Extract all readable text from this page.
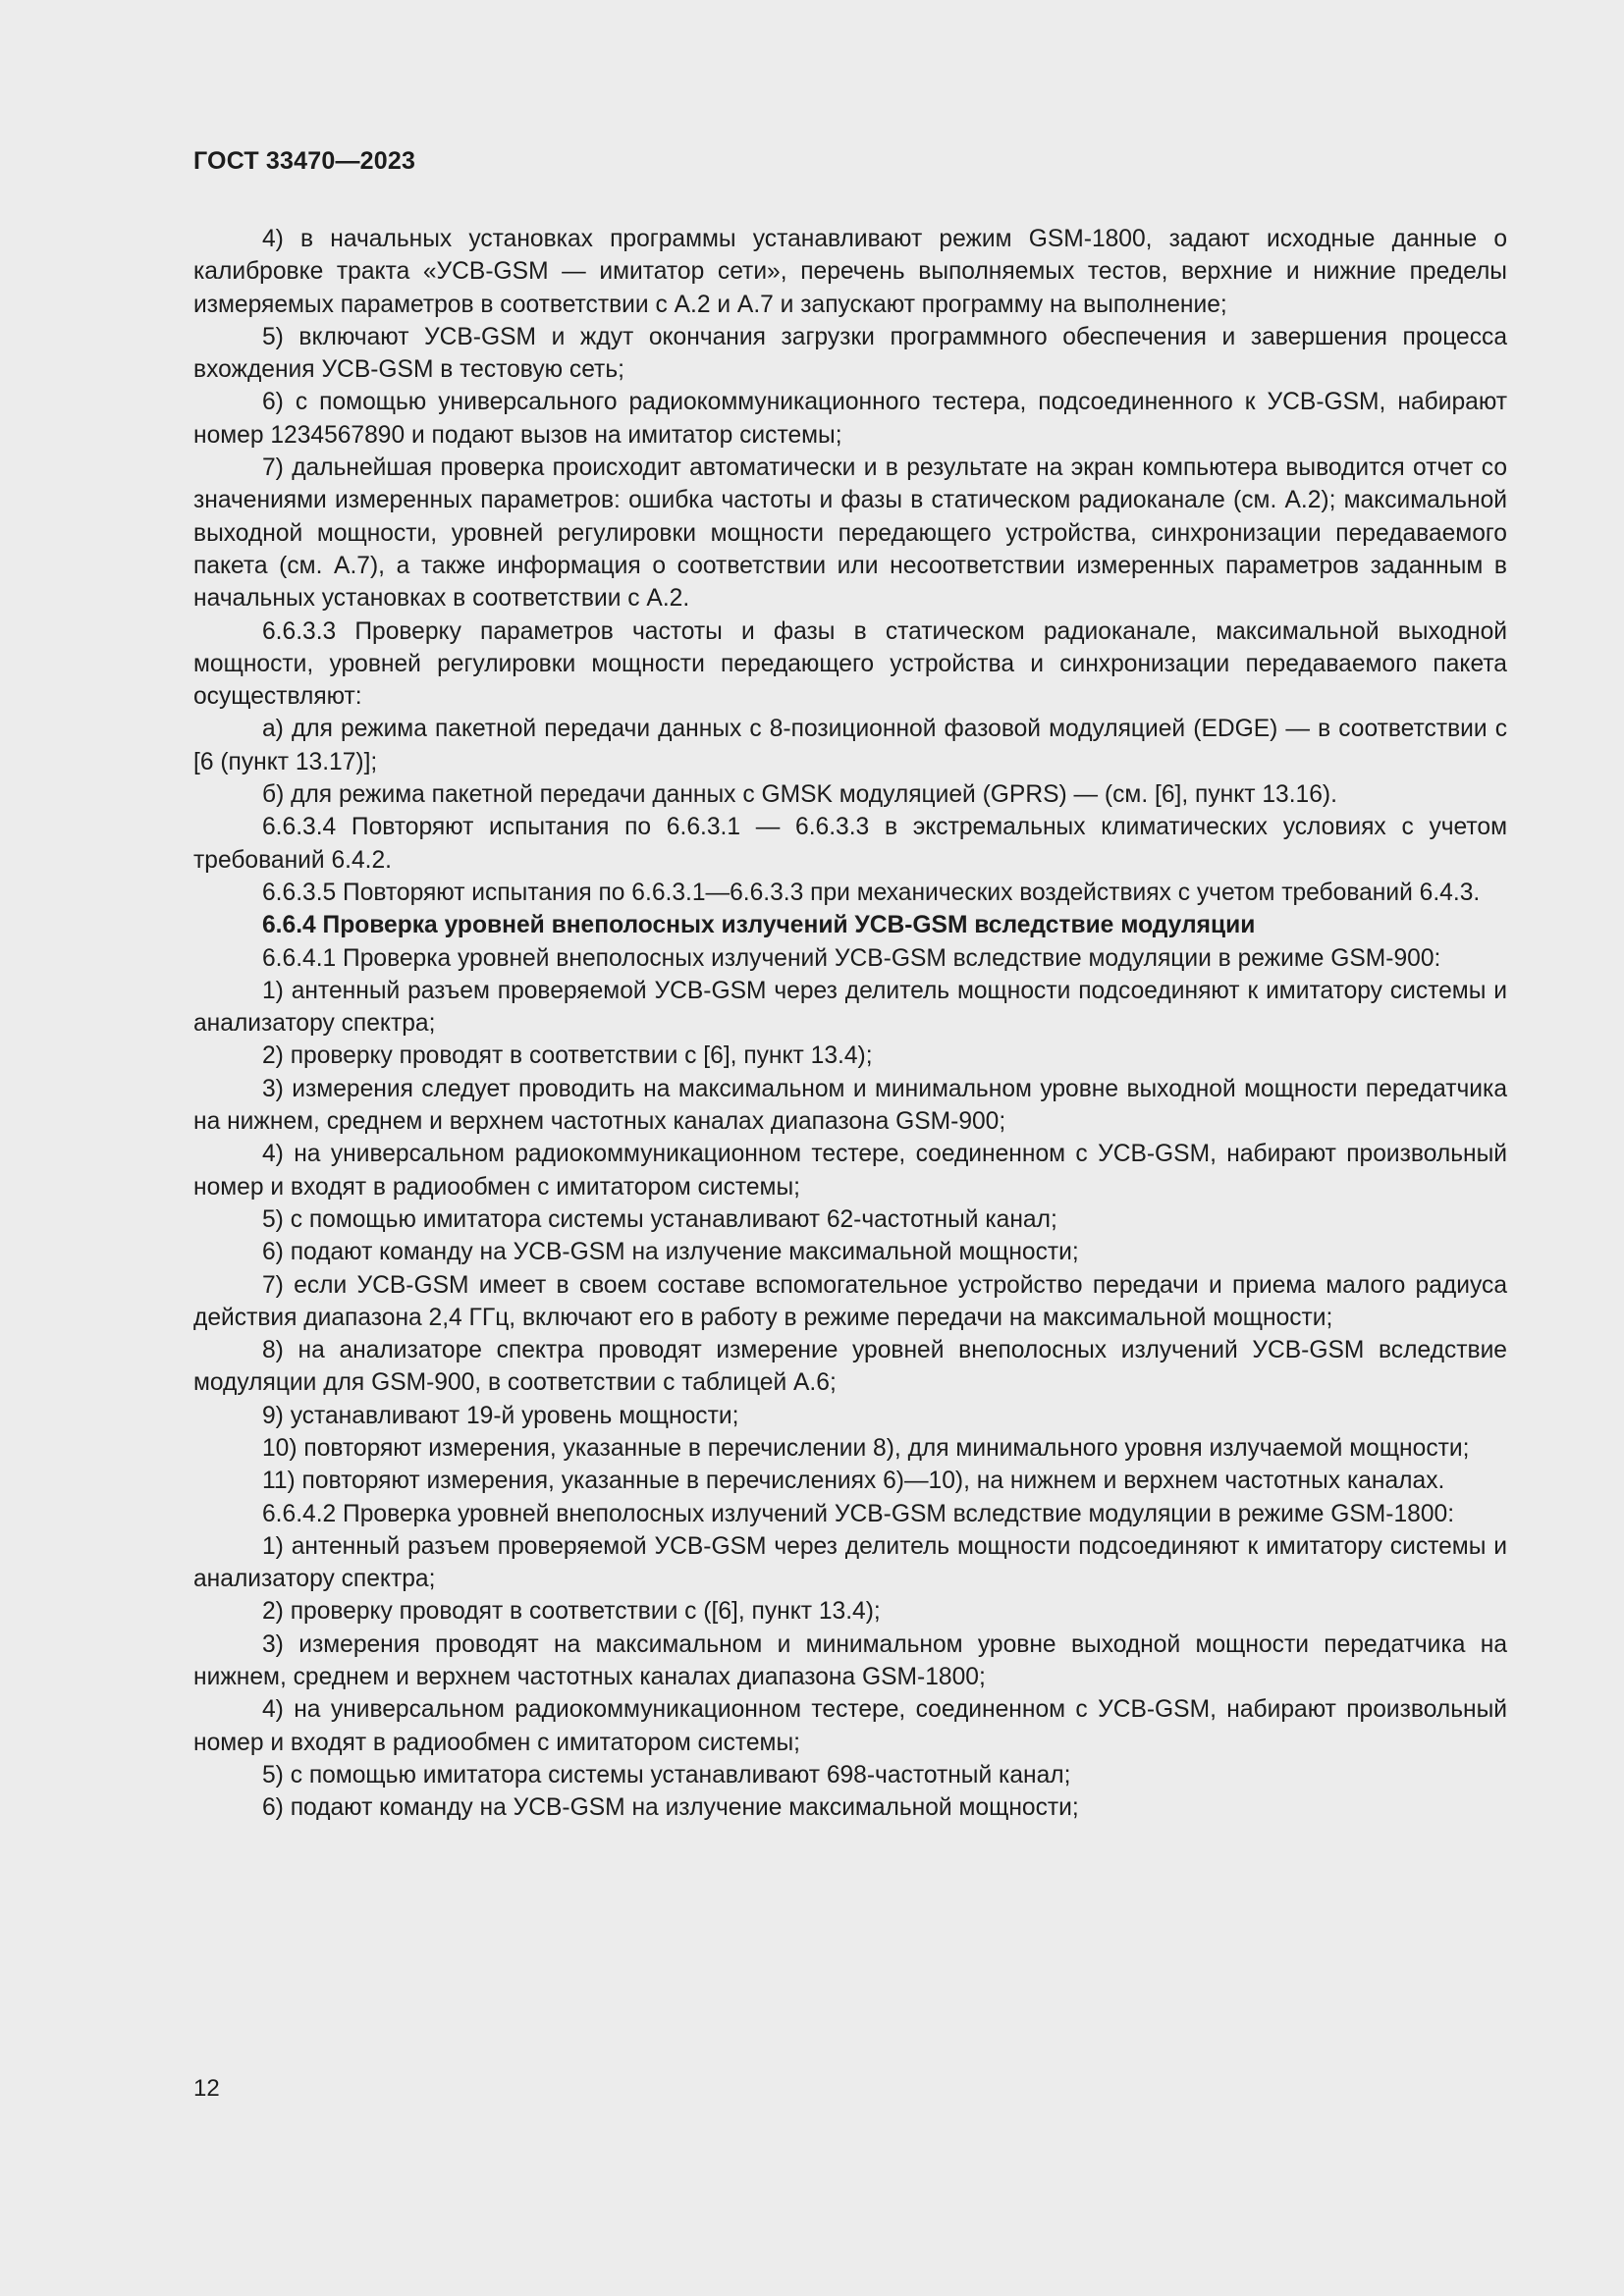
ГОСТ 33470—2023

4) в начальных установках программы устанавливают режим GSM-1800, задают исходные данные о калибровке тракта «УСВ-GSM — имитатор сети», перечень выполняемых тестов, верхние и нижние пределы измеряемых параметров в соответствии с А.2 и А.7 и запускают программу на выполнение;

5) включают УСВ-GSM и ждут окончания загрузки программного обеспечения и завершения процесса вхождения УСВ-GSM в тестовую сеть;

6) с помощью универсального радиокоммуникационного тестера, подсоединенного к УСВ-GSM, набирают номер 1234567890 и подают вызов на имитатор системы;

7) дальнейшая проверка происходит автоматически и в результате на экран компьютера выводится отчет со значениями измеренных параметров: ошибка частоты и фазы в статическом радиоканале (см. А.2); максимальной выходной мощности, уровней регулировки мощности передающего устройства, синхронизации передаваемого пакета (см. А.7), а также информация о соответствии или несоответствии измеренных параметров заданным в начальных установках в соответствии с А.2.

6.6.3.3 Проверку параметров частоты и фазы в статическом радиоканале, максимальной выходной мощности, уровней регулировки мощности передающего устройства и синхронизации передаваемого пакета осуществляют:

а) для режима пакетной передачи данных с 8-позиционной фазовой модуляцией (EDGE) — в соответствии с [6 (пункт 13.17)];

б) для режима пакетной передачи данных с GMSK модуляцией (GPRS) — (см. [6], пункт 13.16).

6.6.3.4 Повторяют испытания по 6.6.3.1 — 6.6.3.3 в экстремальных климатических условиях с учетом требований 6.4.2.

6.6.3.5 Повторяют испытания по 6.6.3.1—6.6.3.3 при механических воздействиях с учетом требований 6.4.3.

6.6.4 Проверка уровней внеполосных излучений УСВ-GSM вследствие модуляции

6.6.4.1 Проверка уровней внеполосных излучений УСВ-GSM вследствие модуляции в режиме GSM-900:

1) антенный разъем проверяемой УСВ-GSM через делитель мощности подсоединяют к имитатору системы и анализатору спектра;

2) проверку проводят в соответствии с [6], пункт 13.4);

3) измерения следует проводить на максимальном и минимальном уровне выходной мощности передатчика на нижнем, среднем и верхнем частотных каналах диапазона GSM-900;

4) на универсальном радиокоммуникационном тестере, соединенном с УСВ-GSM, набирают произвольный номер и входят в радиообмен с имитатором системы;

5) с помощью имитатора системы устанавливают 62-частотный канал;

6) подают команду на УСВ-GSM на излучение максимальной мощности;

7) если УСВ-GSM имеет в своем составе вспомогательное устройство передачи и приема малого радиуса действия диапазона 2,4 ГГц, включают его в работу в режиме передачи на максимальной мощности;

8) на анализаторе спектра проводят измерение уровней внеполосных излучений УСВ-GSM вследствие модуляции для GSM-900, в соответствии с таблицей А.6;

9) устанавливают 19-й уровень мощности;

10) повторяют измерения, указанные в перечислении 8), для минимального уровня излучаемой мощности;

11) повторяют измерения, указанные в перечислениях 6)—10), на нижнем и верхнем частотных каналах.

6.6.4.2 Проверка уровней внеполосных излучений УСВ-GSM вследствие модуляции в режиме GSM-1800:

1) антенный разъем проверяемой УСВ-GSM через делитель мощности подсоединяют к имитатору системы и анализатору спектра;

2) проверку проводят в соответствии с ([6], пункт 13.4);

3) измерения проводят на максимальном и минимальном уровне выходной мощности передатчика на нижнем, среднем и верхнем частотных каналах диапазона GSM-1800;

4) на универсальном радиокоммуникационном тестере, соединенном с УСВ-GSM, набирают произвольный номер и входят в радиообмен с имитатором системы;

5) с помощью имитатора системы устанавливают 698-частотный канал;

6) подают команду на УСВ-GSM на излучение максимальной мощности;

12
